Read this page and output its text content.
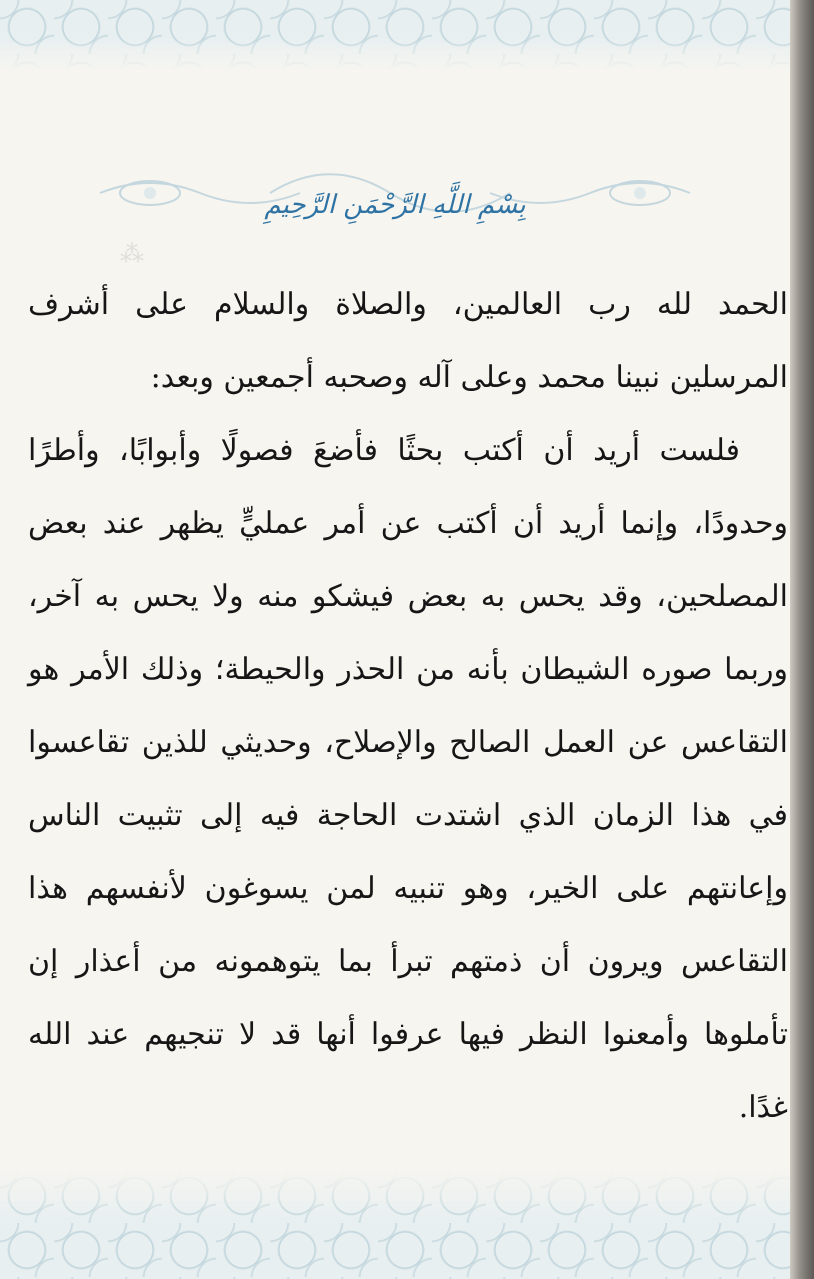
بِسْمِ اللَّهِ الرَّحْمَنِ الرَّحِيمِ
⁂

الحمد لله رب العالمين، والصلاة والسلام على أشرف المرسلين نبينا محمد وعلى آله وصحبه أجمعين وبعد:

فلست أريد أن أكتب بحثًا فأضعَ فصولًا وأبوابًا، وأطرًا وحدودًا، وإنما أريد أن أكتب عن أمر عمليٍّ يظهر عند بعض المصلحين، وقد يحس به بعض فيشكو منه ولا يحس به آخر، وربما صوره الشيطان بأنه من الحذر والحيطة؛ وذلك الأمر هو التقاعس عن العمل الصالح والإصلاح، وحديثي للذين تقاعسوا في هذا الزمان الذي اشتدت الحاجة فيه إلى تثبيت الناس وإعانتهم على الخير، وهو تنبيه لمن يسوغون لأنفسهم هذا التقاعس ويرون أن ذمتهم تبرأ بما يتوهمونه من أعذار إن تأملوها وأمعنوا النظر فيها عرفوا أنها قد لا تنجيهم عند الله غدًا.
